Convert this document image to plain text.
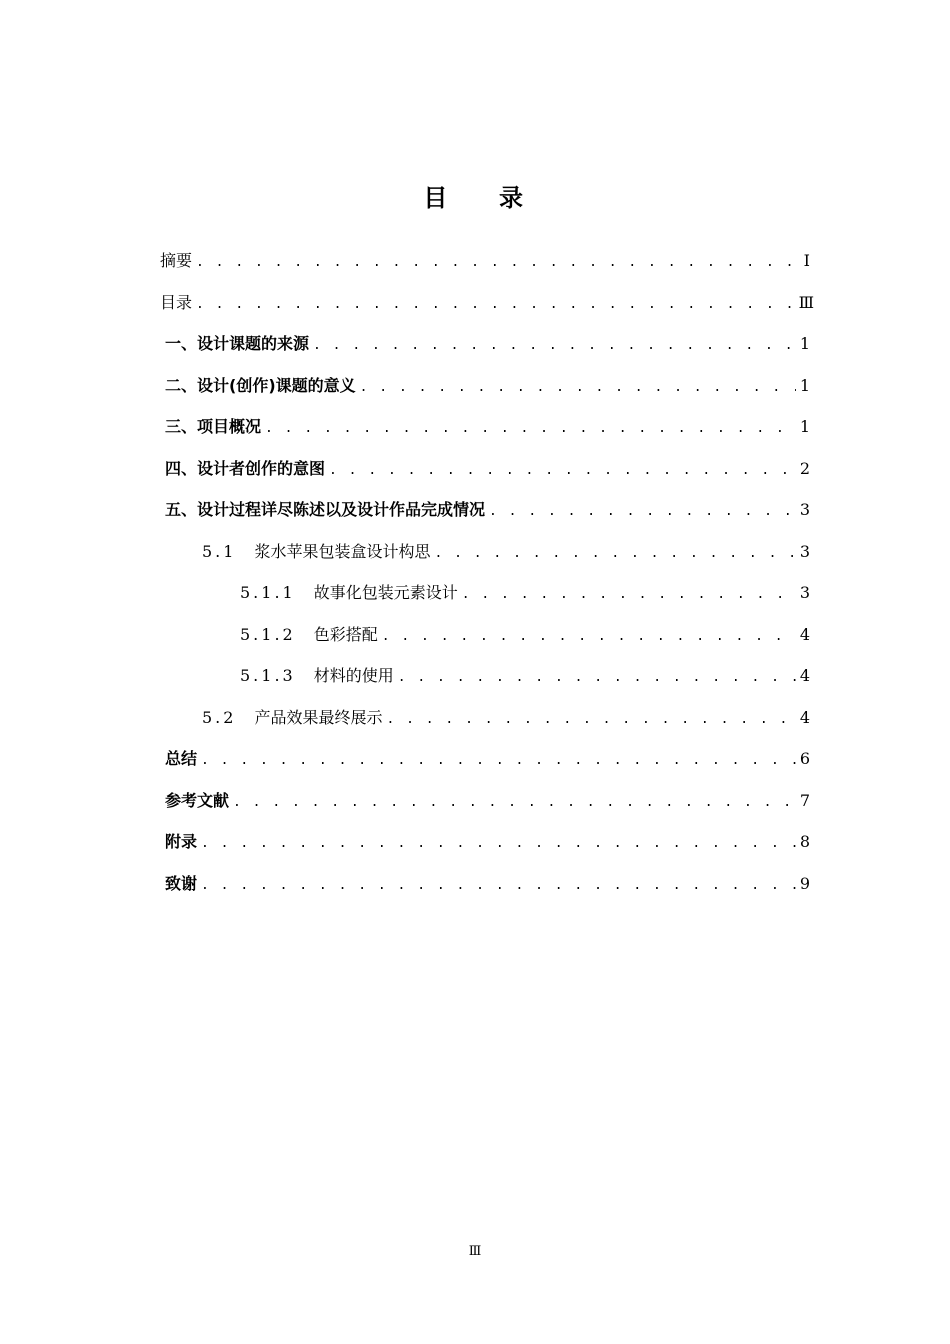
目 录
摘要 . . .	Ⅰ
目录 . . .	Ⅲ
一、设计课题的来源 . . .	1
二、设计(创作)课题的意义 . . .	1
三、项目概况 . . .	1
四、设计者创作的意图 . . .	2
五、设计过程详尽陈述以及设计作品完成情况 . . .	3
5.1 浆水苹果包装盒设计构思 . . .	3
5.1.1 故事化包装元素设计 . . .	3
5.1.2 色彩搭配 . . .	4
5.1.3 材料的使用 . . .	4
5.2 产品效果最终展示 . . .	4
总结 . . .	6
参考文献 . . .	7
附录 . . .	8
致谢 . . .	9
Ⅲ
